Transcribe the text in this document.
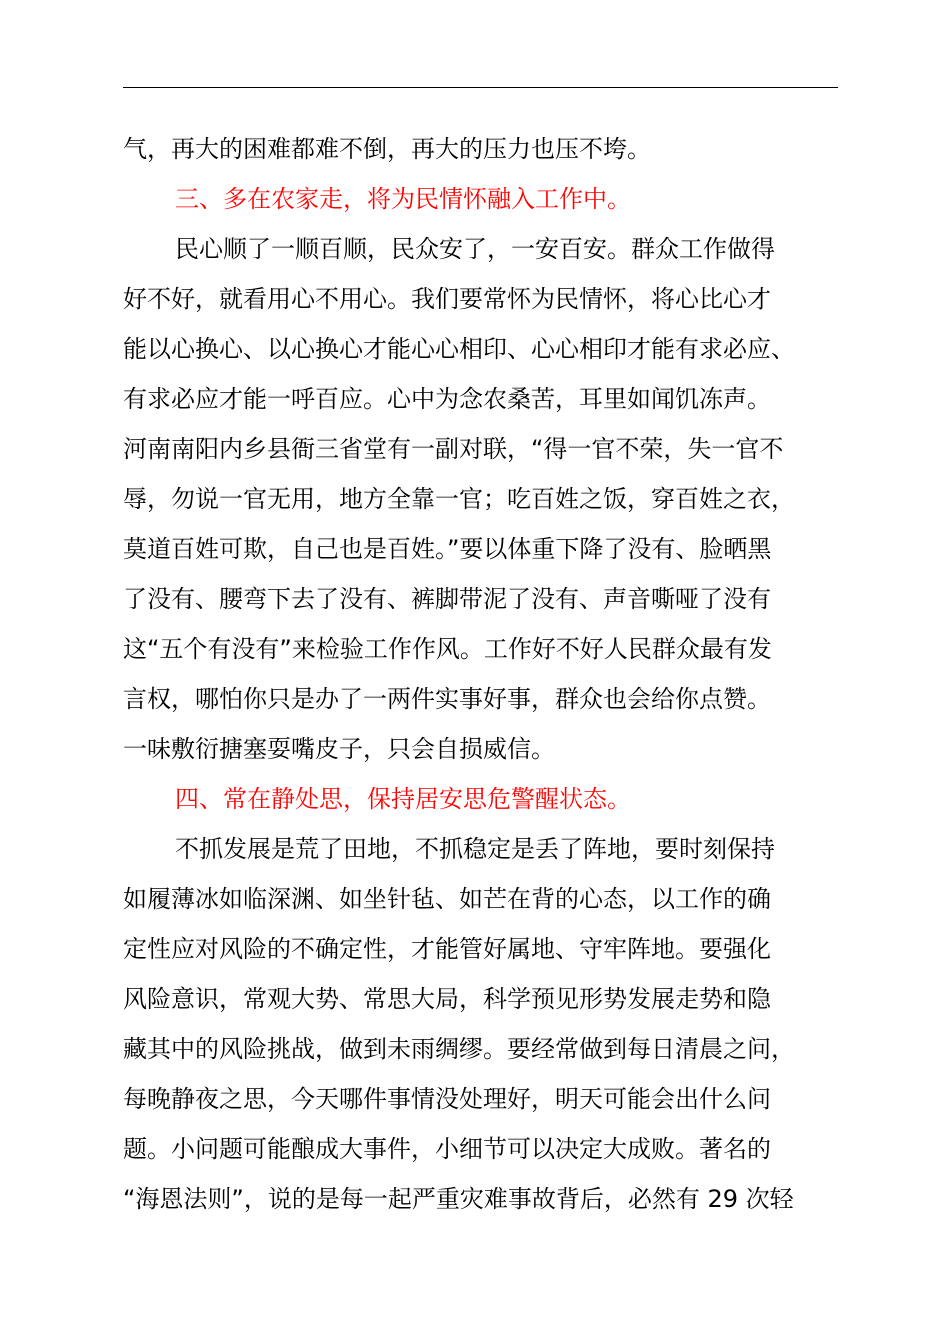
气，再大的困难都难不倒，再大的压力也压不垮。
三、多在农家走，将为民情怀融入工作中。
民心顺了一顺百顺，民众安了，一安百安。群众工作做得
好不好，就看用心不用心。我们要常怀为民情怀，将心比心才
能以心换心、以心换心才能心心相印、心心相印才能有求必应、
有求必应才能一呼百应。心中为念农桑苦，耳里如闻饥冻声。
河南南阳内乡县衙三省堂有一副对联，“得一官不荣，失一官不
辱，勿说一官无用，地方全靠一官；吃百姓之饭，穿百姓之衣，
莫道百姓可欺，自己也是百姓。”要以体重下降了没有、脸晒黑
了没有、腰弯下去了没有、裤脚带泥了没有、声音嘶哑了没有
这“五个有没有”来检验工作作风。工作好不好人民群众最有发
言权，哪怕你只是办了一两件实事好事，群众也会给你点赞。
一味敷衍搪塞耍嘴皮子，只会自损威信。
四、常在静处思，保持居安思危警醒状态。
不抓发展是荒了田地，不抓稳定是丢了阵地，要时刻保持
如履薄冰如临深渊、如坐针毡、如芒在背的心态，以工作的确
定性应对风险的不确定性，才能管好属地、守牢阵地。要强化
风险意识，常观大势、常思大局，科学预见形势发展走势和隐
藏其中的风险挑战，做到未雨绸缪。要经常做到每日清晨之问，
每晚静夜之思，今天哪件事情没处理好，明天可能会出什么问
题。小问题可能酿成大事件，小细节可以决定大成败。著名的
“海恩法则”，说的是每一起严重灾难事故背后，必然有 29 次轻
